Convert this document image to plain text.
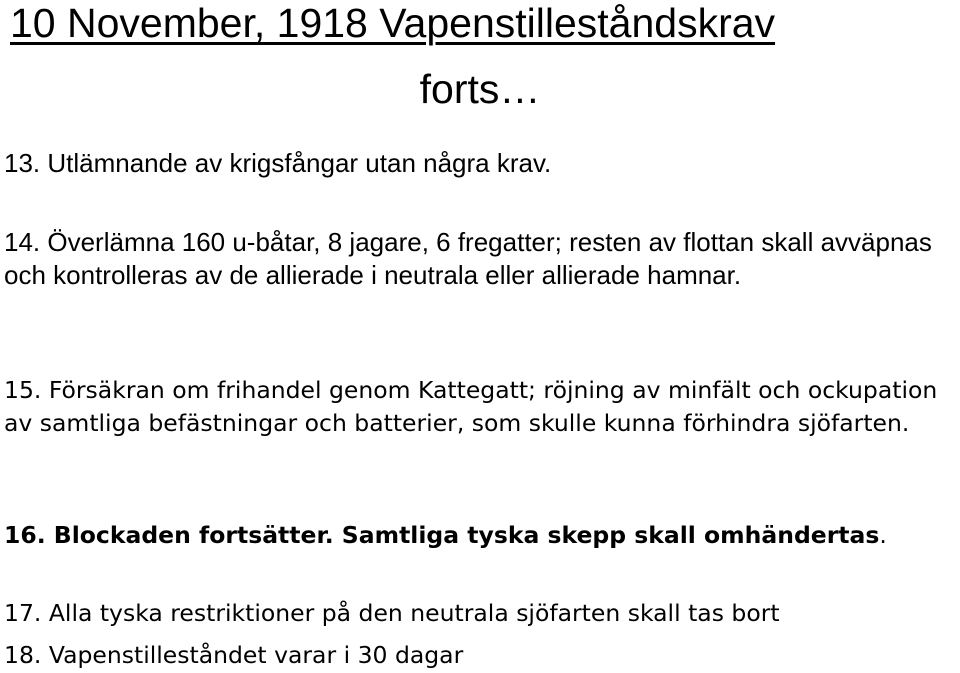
10 November, 1918 Vapenstilleståndskrav
forts…
13. Utlämnande av krigsfångar utan några krav.
14. Överlämna 160 u-båtar, 8 jagare, 6 fregatter; resten av flottan skall avväpnas och kontrolleras av de allierade i neutrala eller allierade hamnar.
15. Försäkran om frihandel genom Kattegatt; röjning av minfält och ockupation av samtliga befästningar och batterier, som skulle kunna förhindra sjöfarten.
16. Blockaden fortsätter. Samtliga tyska skepp skall omhändertas.
17. Alla tyska restriktioner på den neutrala sjöfarten skall tas bort
18. Vapenstilleståndet varar i 30 dagar
